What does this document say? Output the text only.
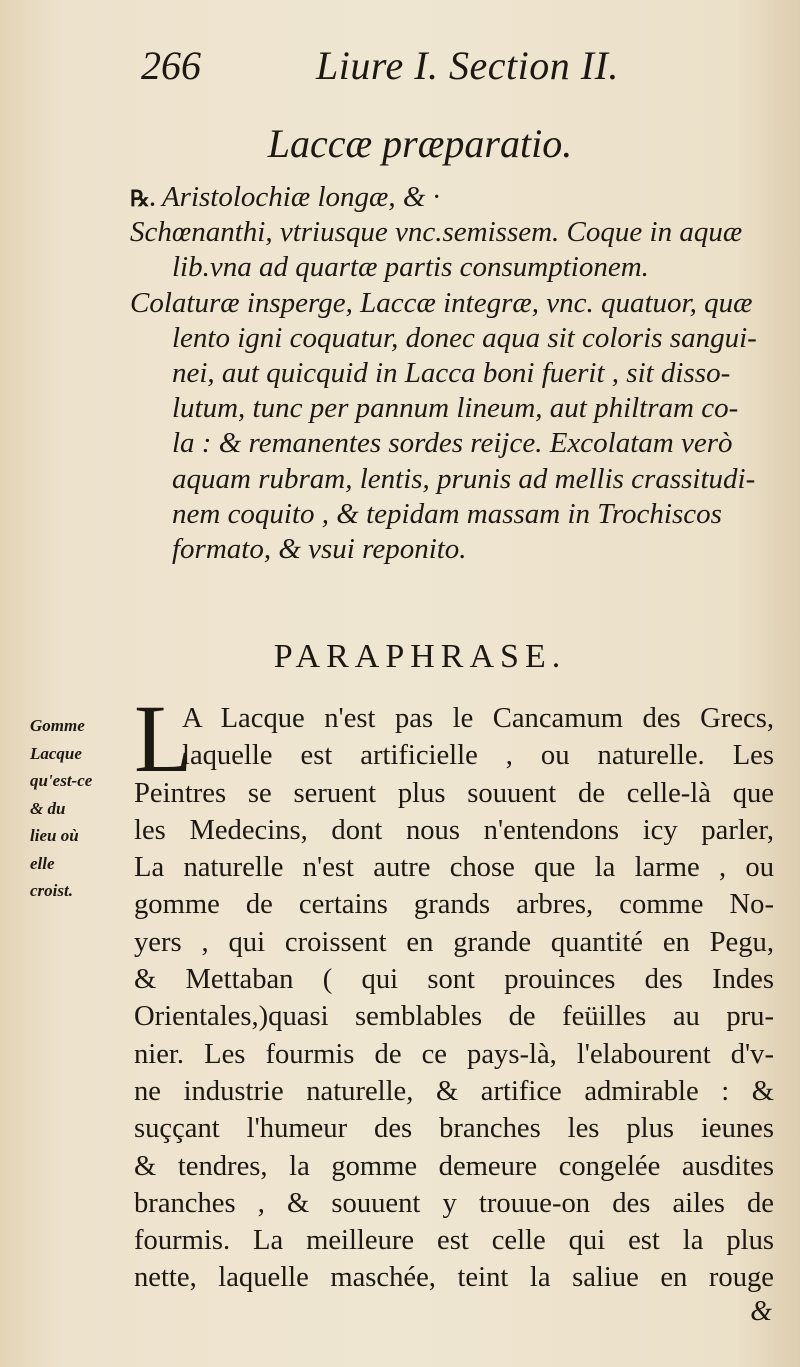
266	Liure I. Section II.
Laccæ præparatio.
℞. Aristolochiæ longæ, & ·
Schœnanthi, vtriusque vnc.semissem. Coque in aquæ
lib.vna ad quartæ partis consumptionem.
Colaturæ insperge, Laccæ integræ, vnc. quatuor, quæ
lento igni coquatur, donec aqua sit coloris sangui-
nei, aut quicquid in Lacca boni fuerit , sit disso-
lutum, tunc per pannum lineum, aut philtram co-
la : & remanentes sordes reijce. Excolatam verò
aquam rubram, lentis, prunis ad mellis crassitudi-
nem coquito , & tepidam massam in Trochiscos
formato, & vsui reponito.
PARAPHRASE.
Gomme
Lacque
qu'est-ce
& du
lieu où
elle
croist.
L
A Lacque n'est pas le Cancamum des Grecs,
laquelle est artificielle , ou naturelle. Les
Peintres se seruent plus souuent de celle-là que
les Medecins, dont nous n'entendons icy parler,
La naturelle n'est autre chose que la larme , ou
gomme de certains grands arbres, comme No-
yers , qui croissent en grande quantité en Pegu,
& Mettaban ( qui sont prouinces des Indes
Orientales,)quasi semblables de feüilles au pru-
nier. Les fourmis de ce pays-là, l'elabourent d'v-
ne industrie naturelle, & artifice admirable : &
suççant l'humeur des branches les plus ieunes
& tendres, la gomme demeure congelée ausdites
branches , & souuent y trouue-on des ailes de
fourmis. La meilleure est celle qui est la plus
nette, laquelle maschée, teint la saliue en rouge
&
